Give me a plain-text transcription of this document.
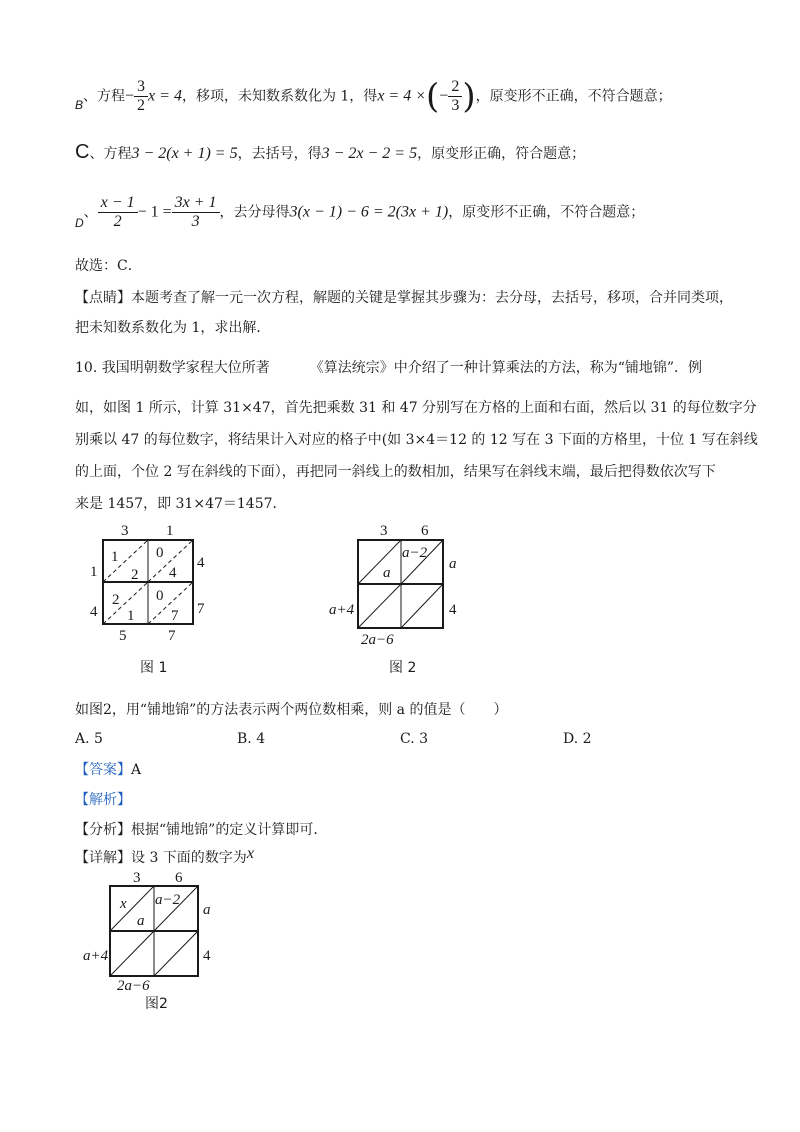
B、方程− $\frac{3}{2}$ x = 4，移项，未知数系数化为 1，得x = 4 ×(− $\frac{2}{3}$ )，原变形不正确，不符合题意；
C、方程3 − 2(x + 1) = 5，去括号，得3 − 2x − 2 = 5，原变形正确，符合题意；
D、 $\frac{x - 1}{2} - 1 = \frac{3x + 1}{3}$ ，去分母得3(x − 1) − 6 = 2(3x + 1)，原变形不正确，不符合题意；
故选：C．
【点睛】本题考查了解一元一次方程，解题的关键是掌握其步骤为：去分母，去括号，移项，合并同类项，
把未知数系数化为 1，求出解．
10. 我国明朝数学家程大位所著	《算法统宗》中介绍了一种计算乘法的方法，称为“铺地锦”．例
如，如图 1 所示，计算 31×47，首先把乘数 31 和 47 分别写在方格的上面和右面，然后以 31 的每位数字分
别乘以 47 的每位数字，将结果计入对应的格子中(如 3×4＝12 的 12 写在 3 下面的方格里，十位 1 写在斜线
的上面，个位 2 写在斜线的下面），再把同一斜线上的数相加，结果写在斜线末端，最后把得数依次写下
来是 1457，即 31×47＝1457．
3	1
4
7
1
4
5	7
1
2
0
4
2
1
0
7
图 1
3 6
a
4
a+4
2a−6
a−2
a
图 2
如图2，用“铺地锦”的方法表示两个两位数相乘，则 a 的值是（　　）
A. 5	B. 4	C. 3	D. 2
【答案】A
【解析】
【分析】根据“铺地锦”的定义计算即可．
【详解】设 3 下面的数字为x
3 6
a
4
a+4
2a−6
x
a
a−2
图2
